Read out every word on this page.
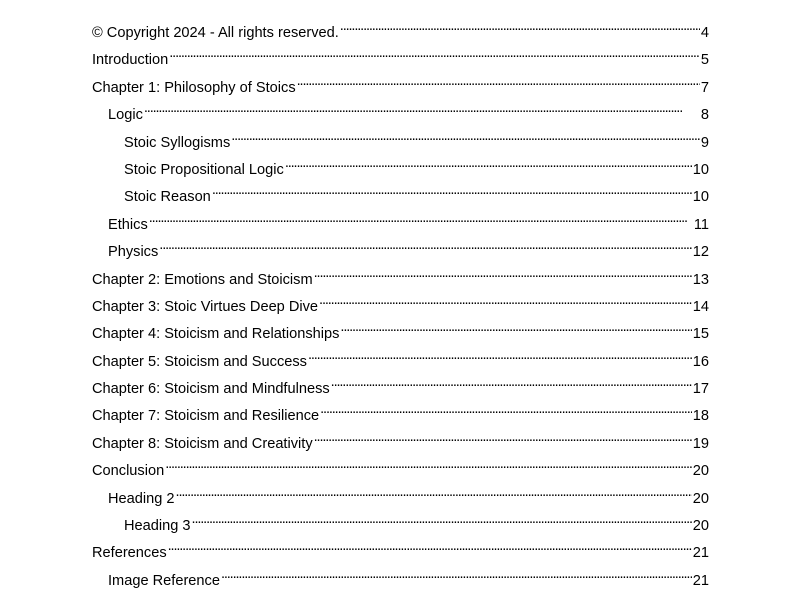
© Copyright 2024 - All rights reserved. . . .	4
Introduction . . .	5
Chapter 1: Philosophy of Stoics . . .	7
Logic . . .	8
Stoic Syllogisms . . .	9
Stoic Propositional Logic . . .	10
Stoic Reason . . .	10
Ethics . . .	11
Physics . . .	12
Chapter 2: Emotions and Stoicism . . .	13
Chapter 3: Stoic Virtues Deep Dive . . .	14
Chapter 4: Stoicism and Relationships . . .	15
Chapter 5: Stoicism and Success . . .	16
Chapter 6: Stoicism and Mindfulness . . .	17
Chapter 7: Stoicism and Resilience . . .	18
Chapter 8: Stoicism and Creativity . . .	19
Conclusion . . .	20
Heading 2 . . .	20
Heading 3 . . .	20
References . . .	21
Image Reference . . .	21
